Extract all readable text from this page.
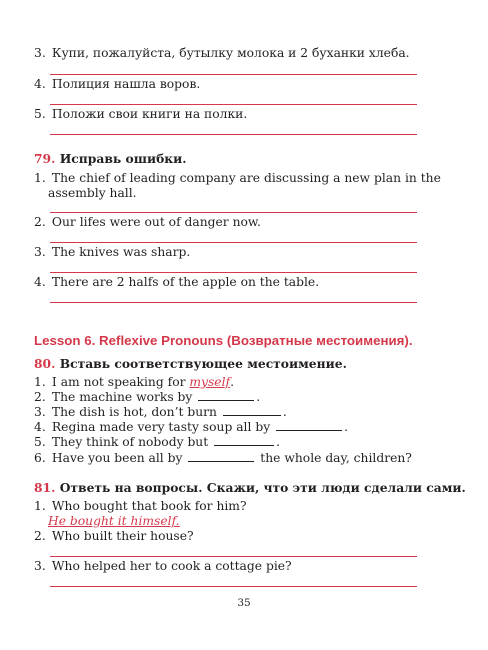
3. Купи, пожалуйста, бутылку молока и 2 буханки хлеба.
4. Полиция нашла воров.
5. Положи свои книги на полки.
79. Исправь ошибки.
1. The chief of leading company are discussing a new plan in the
assembly hall.
2. Our lifes were out of danger now.
3. The knives was sharp.
4. There are 2 halfs of the apple on the table.
Lesson 6. Reflexive Pronouns (Возвратные местоимения).
80. Вставь соответствующее местоимение.
1. I am not speaking for myself.
2. The machine works by	.
3. The dish is hot, don’t burn	.
4. Regina made very tasty soup all by	.
5. They think of nobody but	.
6. Have you been all by	the whole day, children?
81. Ответь на вопросы. Скажи, что эти люди сделали сами.
1. Who bought that book for him?
He bought it himself.
2. Who built their house?
3. Who helped her to cook a cottage pie?
35
